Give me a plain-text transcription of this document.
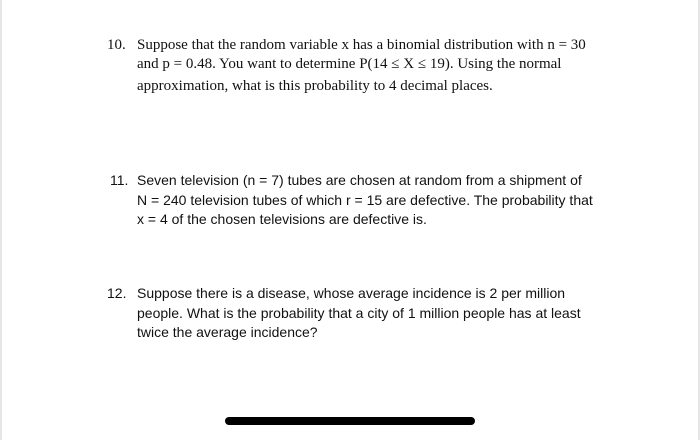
10. Suppose that the random variable x has a binomial distribution with n = 30
and p = 0.48. You want to determine P(14 ≤ X ≤ 19). Using the normal
approximation, what is this probability to 4 decimal places.
11. Seven television (n = 7) tubes are chosen at random from a shipment of
N = 240 television tubes of which r = 15 are defective. The probability that
x = 4 of the chosen televisions are defective is.
12. Suppose there is a disease, whose average incidence is 2 per million
people. What is the probability that a city of 1 million people has at least
twice the average incidence?
